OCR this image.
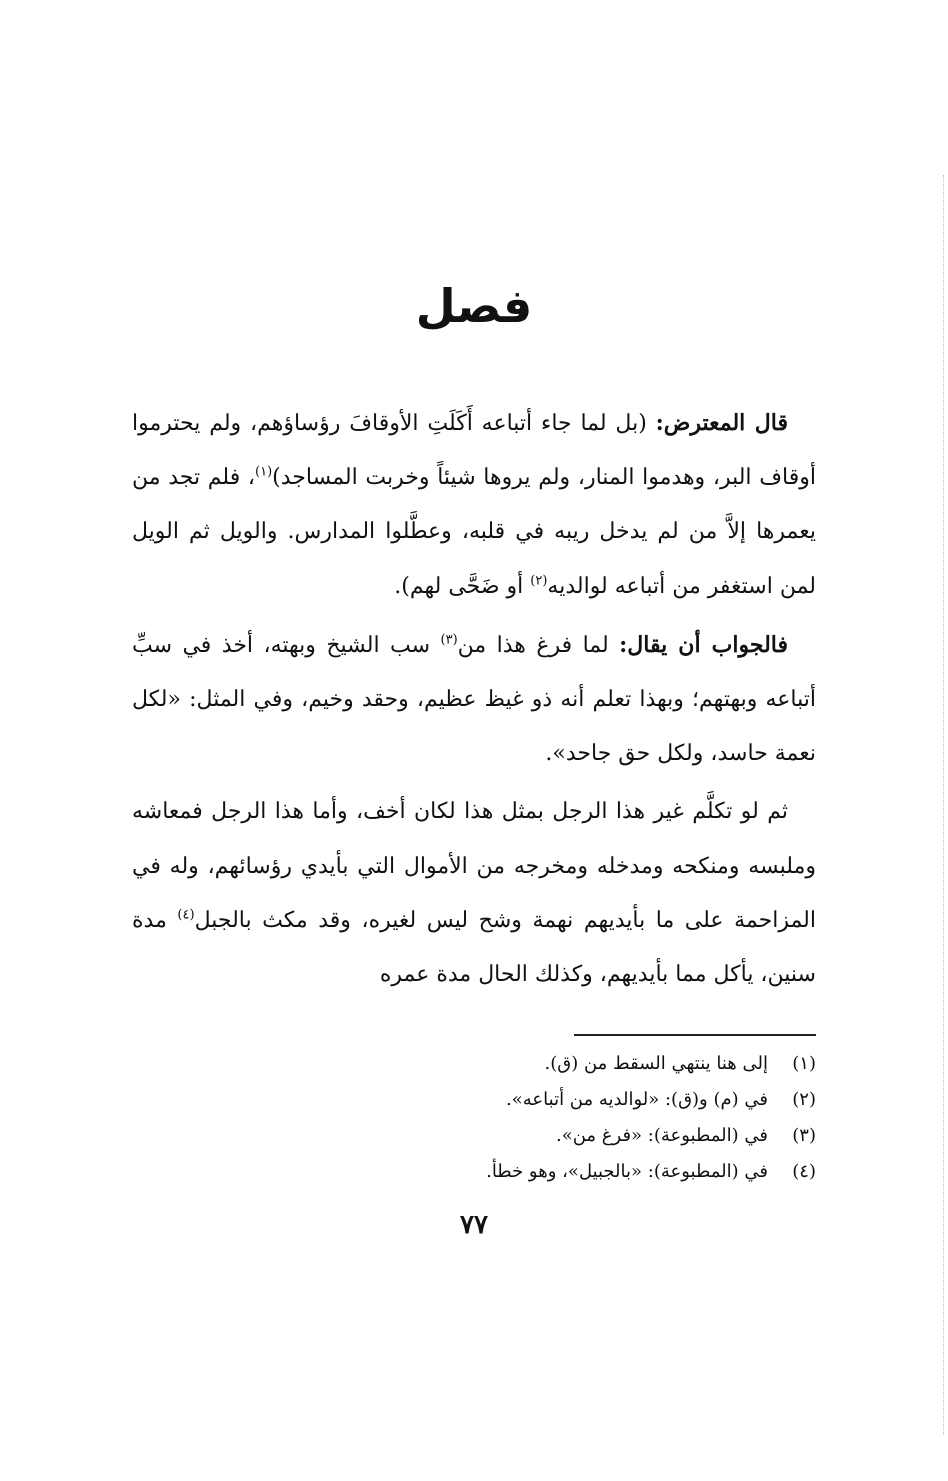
فصل

قال المعترض: (بل لما جاء أتباعه أَكَلَتِ الأوقافَ رؤساؤهم، ولم يحترموا أوقاف البر، وهدموا المنار، ولم يروها شيئاً وخربت المساجد)$^{(١)}$، فلم تجد من يعمرها إلاَّ من لم يدخل ريبه في قلبه، وعطَّلوا المدارس. والويل ثم الويل لمن استغفر من أتباعه لوالديه$^{(٢)}$ أو ضَحَّى لهم).

فالجواب أن يقال: لما فرغ هذا من$^{(٣)}$ سب الشيخ وبهته، أخذ في سبِّ أتباعه وبهتهم؛ وبهذا تعلم أنه ذو غيظ عظيم، وحقد وخيم، وفي المثل: «لكل نعمة حاسد، ولكل حق جاحد».

ثم لو تكلَّم غير هذا الرجل بمثل هذا لكان أخف، وأما هذا الرجل فمعاشه وملبسه ومنكحه ومدخله ومخرجه من الأموال التي بأيدي رؤسائهم، وله في المزاحمة على ما بأيديهم نهمة وشح ليس لغيره، وقد مكث بالجبل$^{(٤)}$ مدة سنين، يأكل مما بأيديهم، وكذلك الحال مدة عمره

(١)
إلى هنا ينتهي السقط من (ق).
(٢)
في (م) و(ق): «لوالديه من أتباعه».
(٣)
في (المطبوعة): «فرغ من».
(٤)
في (المطبوعة): «بالجبيل»، وهو خطأ.
٧٧
